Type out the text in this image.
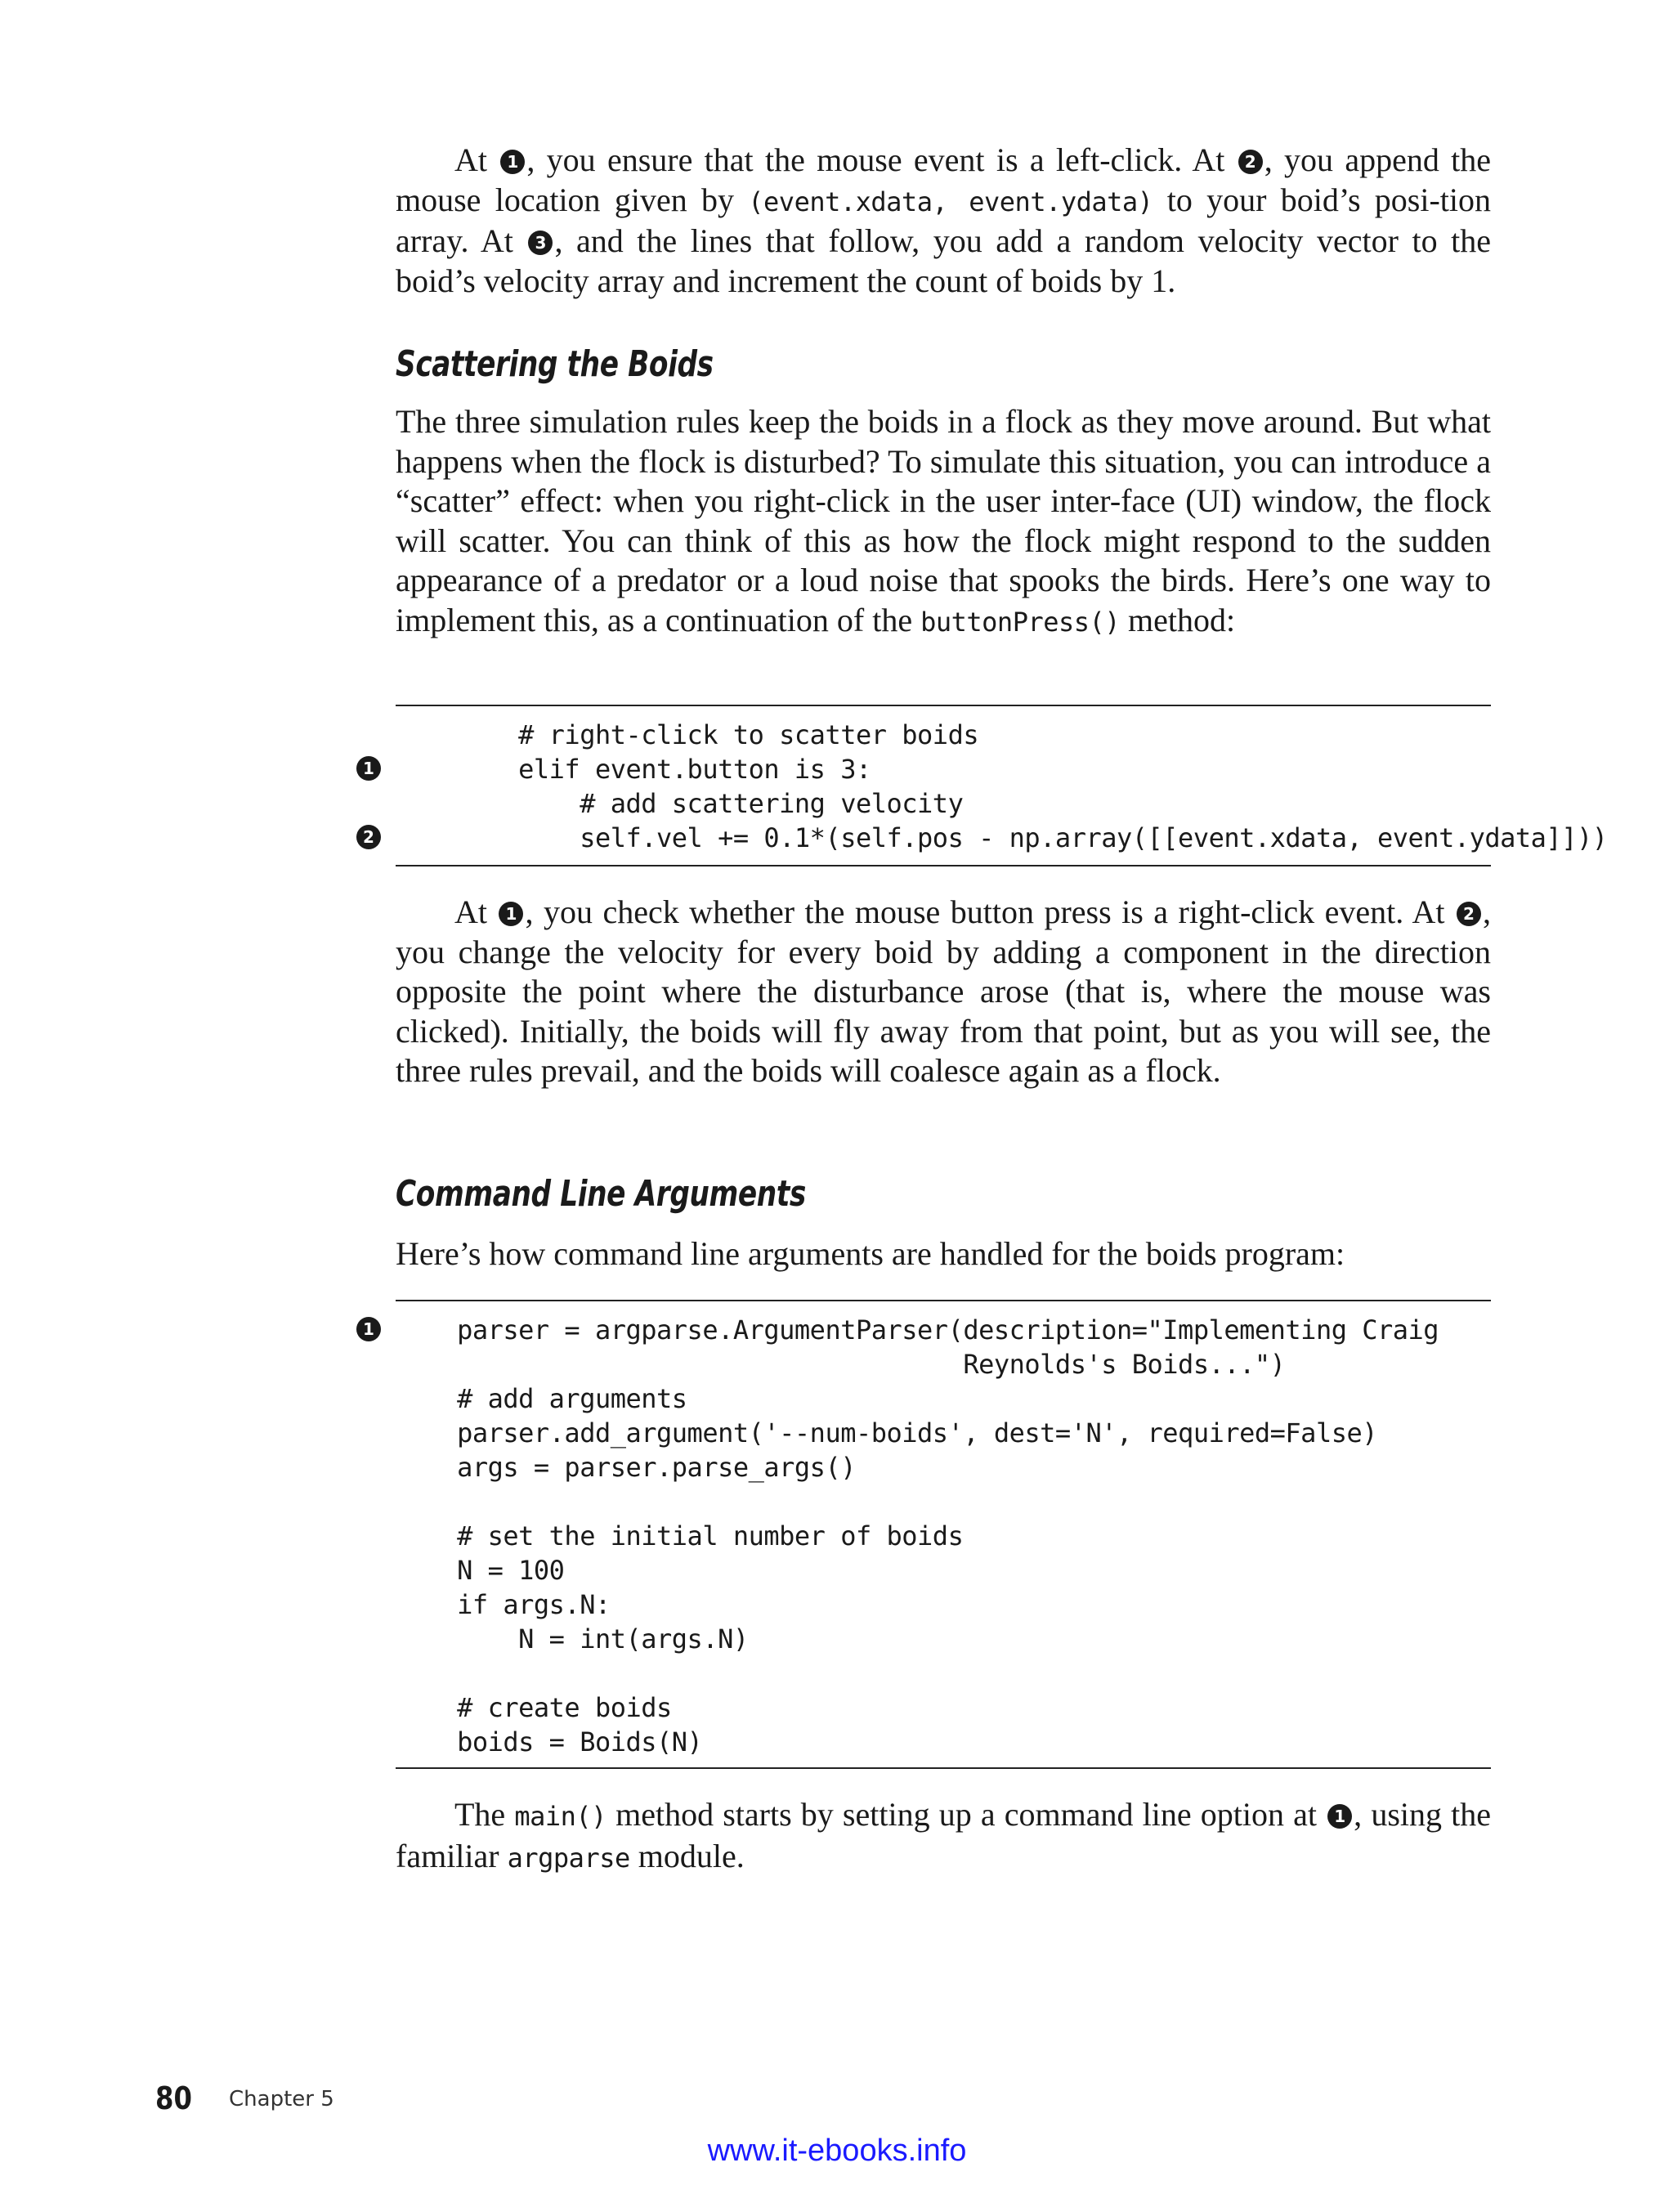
At 1 , you ensure that the mouse event is a left-click. At 2 , you append the mouse location given by (event.xdata, event.ydata) to your boid’s posi-tion array. At 3 , and the lines that follow, you add a random velocity vector to the boid’s velocity array and increment the count of boids by 1.

Scattering the Boids

The three simulation rules keep the boids in a flock as they move around. But what happens when the flock is disturbed? To simulate this situation, you can introduce a “scatter” effect: when you right-click in the user inter-face (UI) window, the flock will scatter. You can think of this as how the flock might respond to the sudden appearance of a predator or a loud noise that spooks the birds. Here’s one way to implement this, as a continuation of the buttonPress() method:

# right-click to scatter boids
elif event.button is 3:
# add scattering velocity
self.vel += 0.1*(self.pos - np.array([[event.xdata, event.ydata]]))
1
2

At 1 , you check whether the mouse button press is a right-click event. At 2 , you change the velocity for every boid by adding a component in the direction opposite the point where the disturbance arose (that is, where the mouse was clicked). Initially, the boids will fly away from that point, but as you will see, the three rules prevail, and the boids will coalesce again as a flock.

Command Line Arguments

Here’s how command line arguments are handled for the boids program:

parser = argparse.ArgumentParser(description="Implementing Craig
Reynolds's Boids...")
# add arguments
parser.add_argument('--num-boids', dest='N', required=False)
args = parser.parse_args()
# set the initial number of boids
N = 100
if args.N:
N = int(args.N)
# create boids
boids = Boids(N)
1

The main() method starts by setting up a command line option at 1 , using the familiar argparse module.

80 Chapter 5
www.it-ebooks.info
